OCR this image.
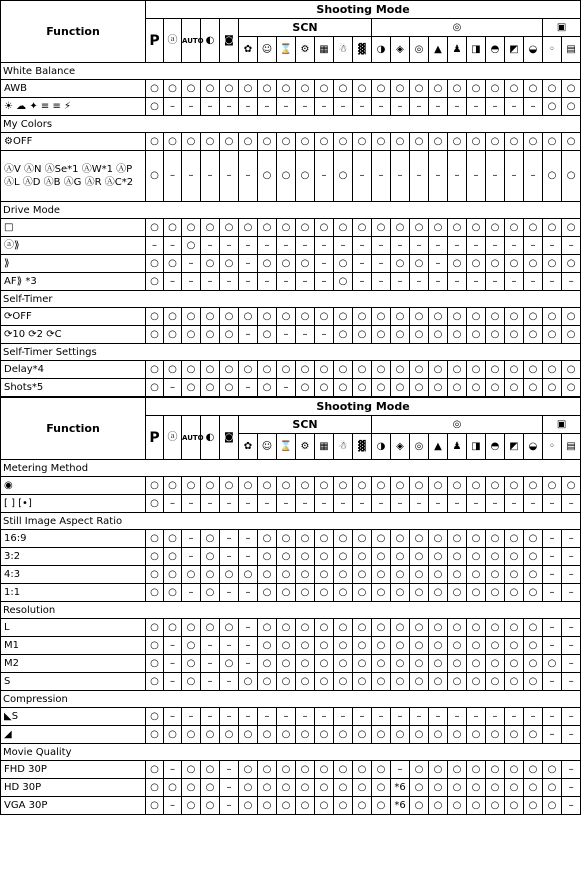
Function	Shooting Mode																						
	P	ⓐ	AUTO	◐	◙	SCN							◎									▣	
						✿	☺	⌛	⚙	▦	☃	▓	◑	◈	◎	▲	♟	◨	◓	◩	◒	◦	▤
White Balance																							
AWB	○	○	○	○	○	○	○	○	○	○	○	○	○	○	○	○	○	○	○	○	○	○	○
☀ ☁ ✦ ≡ ≡ ⚡	○	–	–	–	–	–	–	–	–	–	–	–	–	–	–	–	–	–	–	–	–	○	○
My Colors																							
⚙OFF	○	○	○	○	○	○	○	○	○	○	○	○	○	○	○	○	○	○	○	○	○	○	○
ⒶV ⒶN ⒶSe*1 ⒶW*1 ⒶP ⒶL ⒶD ⒶB ⒶG ⒶR ⒶC*2	○	–	–	–	–	–	○	○	○	–	○	–	–	–	–	–	–	–	–	–	–	○	○
Drive Mode																							
□	○	○	○	○	○	○	○	○	○	○	○	○	○	○	○	○	○	○	○	○	○	○	○
ⓐ⟫	–	–	○	–	–	–	–	–	–	–	–	–	–	–	–	–	–	–	–	–	–	–	–
⟫	○	○	–	○	○	–	○	○	○	–	○	–	–	○	○	–	○	○	○	○	○	○	○
AF⟫ *3	○	–	–	–	–	–	–	–	–	–	○	–	–	–	–	–	–	–	–	–	–	–	–
Self-Timer																							
⟳OFF	○	○	○	○	○	○	○	○	○	○	○	○	○	○	○	○	○	○	○	○	○	○	○
⟳10 ⟳2 ⟳C	○	○	○	○	○	–	○	–	–	–	○	○	○	○	○	○	○	○	○	○	○	○	○
Self-Timer Settings																							
Delay*4	○	○	○	○	○	○	○	○	○	○	○	○	○	○	○	○	○	○	○	○	○	○	○
Shots*5	○	–	○	○	○	–	○	–	○	○	○	○	○	○	○	○	○	○	○	○	○	○	○
Function	Shooting Mode																						
	P	ⓐ	AUTO	◐	◙	SCN							◎									▣	
						✿	☺	⌛	⚙	▦	☃	▓	◑	◈	◎	▲	♟	◨	◓	◩	◒	◦	▤
Metering Method																							
◉	○	○	○	○	○	○	○	○	○	○	○	○	○	○	○	○	○	○	○	○	○	○	○
[ ] [•]	○	–	–	–	–	–	–	–	–	–	–	–	–	–	–	–	–	–	–	–	–	–	–
Still Image Aspect Ratio																							
16:9	○	○	–	○	–	–	○	○	○	○	○	○	○	○	○	○	○	○	○	○	○	–	–
3:2	○	○	–	○	–	–	○	○	○	○	○	○	○	○	○	○	○	○	○	○	○	–	–
4:3	○	○	○	○	○	○	○	○	○	○	○	○	○	○	○	○	○	○	○	○	○	–	–
1:1	○	○	–	○	–	–	○	○	○	○	○	○	○	○	○	○	○	○	○	○	○	–	–
Resolution																							
L	○	○	○	○	○	–	○	○	○	○	○	○	○	○	○	○	○	○	○	○	○	–	–
M1	○	–	○	–	–	–	○	○	○	○	○	○	○	○	○	○	○	○	○	○	○	–	–
M2	○	–	○	–	○	–	○	○	○	○	○	○	○	○	○	○	○	○	○	○	○	○	–
S	○	–	○	–	–	○	○	○	○	○	○	○	○	○	○	○	○	○	○	○	○	–	–
Compression																							
◣S	○	–	–	–	–	–	–	–	–	–	–	–	–	–	–	–	–	–	–	–	–	–	–
◢	○	○	○	○	○	○	○	○	○	○	○	○	○	○	○	○	○	○	○	○	○	–	–
Movie Quality																							
FHD 30P	○	–	○	○	–	○	○	○	○	○	○	○	○	–	○	○	○	○	○	○	○	○	–
HD 30P	○	○	○	○	–	○	○	○	○	○	○	○	○	*6	○	○	○	○	○	○	○	○	–
VGA 30P	○	–	○	○	–	○	○	○	○	○	○	○	○	*6	○	○	○	○	○	○	○	○	–
